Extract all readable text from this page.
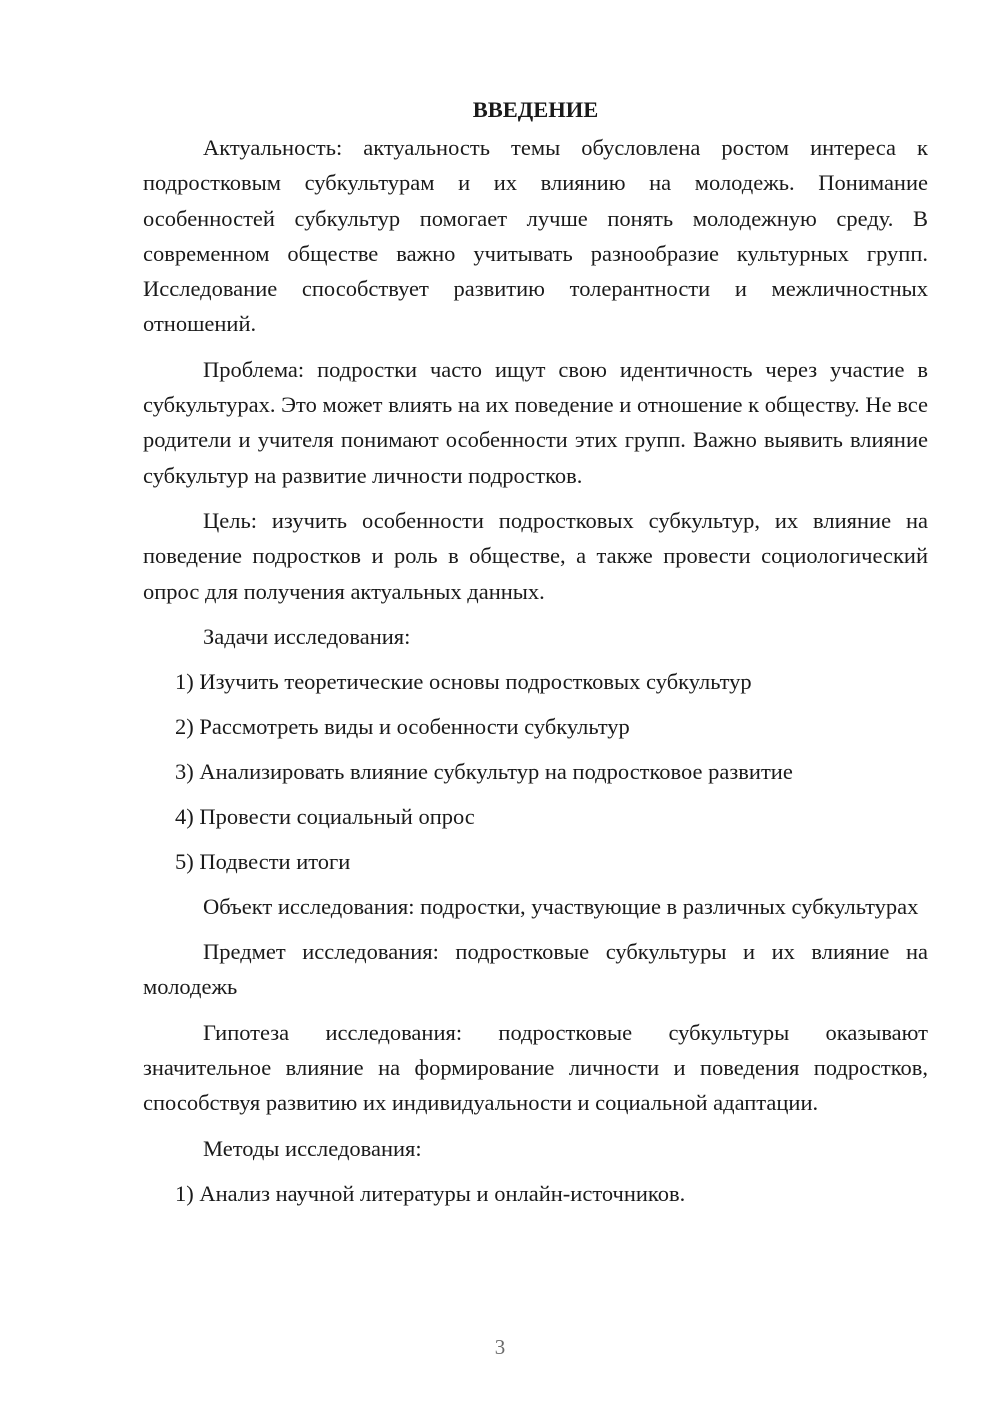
ВВЕДЕНИЕ

Актуальность: актуальность темы обусловлена ростом интереса к подростковым субкультурам и их влиянию на молодежь. Понимание особенностей субкультур помогает лучше понять молодежную среду. В современном обществе важно учитывать разнообразие культурных групп. Исследование способствует развитию толерантности и межличностных отношений.

Проблема: подростки часто ищут свою идентичность через участие в субкультурах. Это может влиять на их поведение и отношение к обществу. Не все родители и учителя понимают особенности этих групп. Важно выявить влияние субкультур на развитие личности подростков.

Цель: изучить особенности подростковых субкультур, их влияние на поведение подростков и роль в обществе, а также провести социологический опрос для получения актуальных данных.

Задачи исследования:
1) Изучить теоретические основы подростковых субкультур
2) Рассмотреть виды и особенности субкультур
3) Анализировать влияние субкультур на подростковое развитие
4) Провести социальный опрос
5) Подвести итоги

Объект исследования: подростки, участвующие в различных субкультурах

Предмет исследования: подростковые субкультуры и их влияние на молодежь

Гипотеза исследования: подростковые субкультуры оказывают значительное влияние на формирование личности и поведения подростков, способствуя развитию их индивидуальности и социальной адаптации.

Методы исследования:
1) Анализ научной литературы и онлайн-источников.
3
